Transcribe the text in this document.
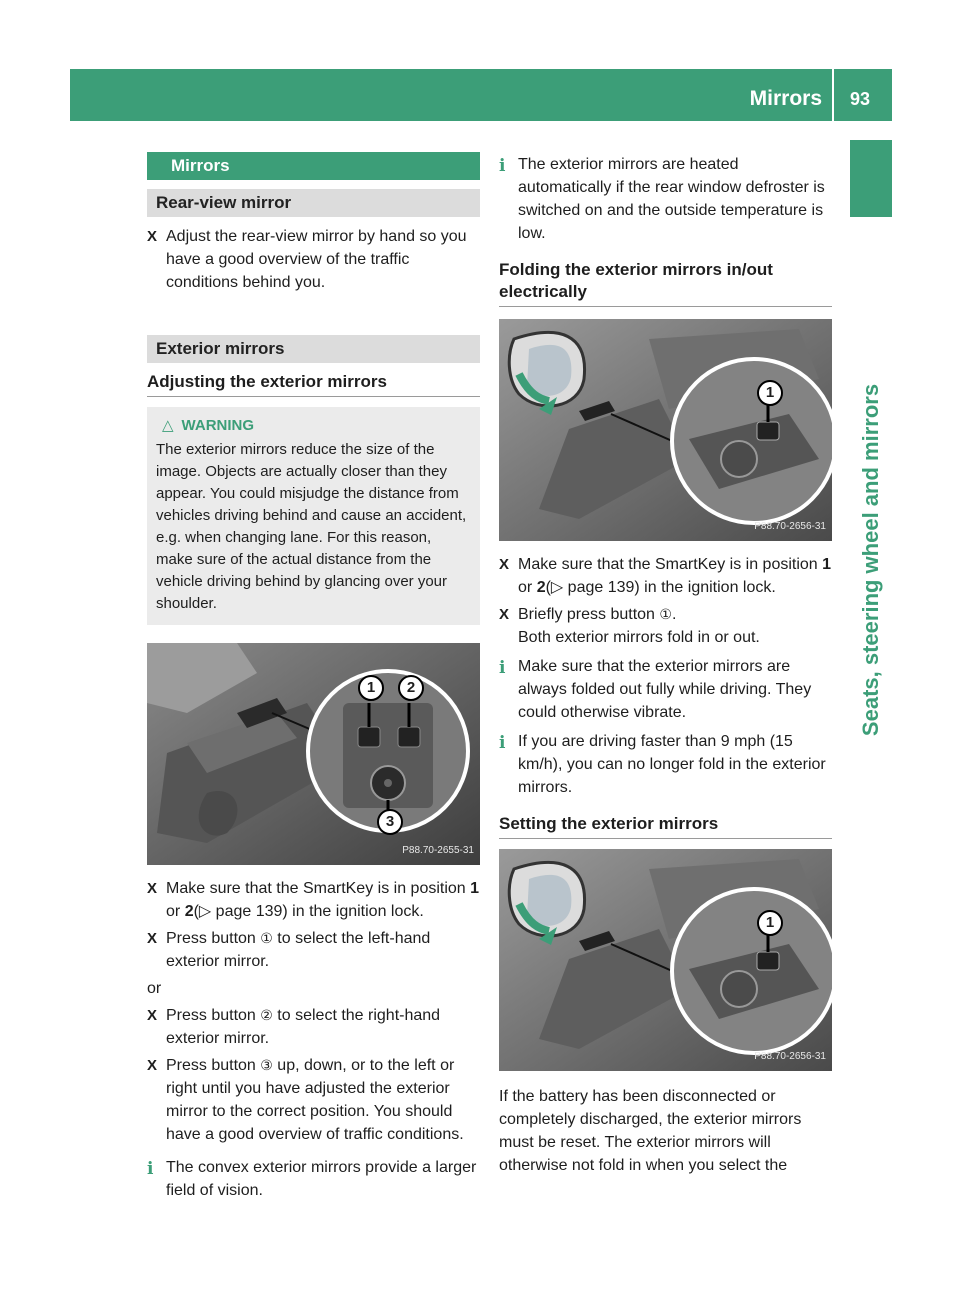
Mirrors 93
Seats, steering wheel and mirrors
Mirrors
Rear-view mirror
X Adjust the rear-view mirror by hand so you have a good overview of the traffic conditions behind you.
Exterior mirrors
Adjusting the exterior mirrors
△ WARNING
The exterior mirrors reduce the size of the image. Objects are actually closer than they appear. You could misjudge the distance from vehicles driving behind and cause an accident, e.g. when changing lane. For this reason, make sure of the actual distance from the vehicle driving behind by glancing over your shoulder.
1	2
3
P88.70-2655-31
X Make sure that the SmartKey is in position 1 or 2(▷ page 139) in the ignition lock.
X Press button ① to select the left-hand exterior mirror.
or
X Press button ② to select the right-hand exterior mirror.
X Press button ③ up, down, or to the left or right until you have adjusted the exterior mirror to the correct position. You should have a good overview of traffic conditions.
i The convex exterior mirrors provide a larger field of vision.
i The exterior mirrors are heated automatically if the rear window defroster is switched on and the outside temperature is low.
Folding the exterior mirrors in/out electrically
1
P88.70-2656-31
X Make sure that the SmartKey is in position 1 or 2(▷ page 139) in the ignition lock.
X Briefly press button ①.
Both exterior mirrors fold in or out.
i Make sure that the exterior mirrors are always folded out fully while driving. They could otherwise vibrate.
i If you are driving faster than 9 mph (15 km/h), you can no longer fold in the exterior mirrors.
Setting the exterior mirrors
1
P88.70-2656-31
If the battery has been disconnected or completely discharged, the exterior mirrors must be reset. The exterior mirrors will otherwise not fold in when you select the
